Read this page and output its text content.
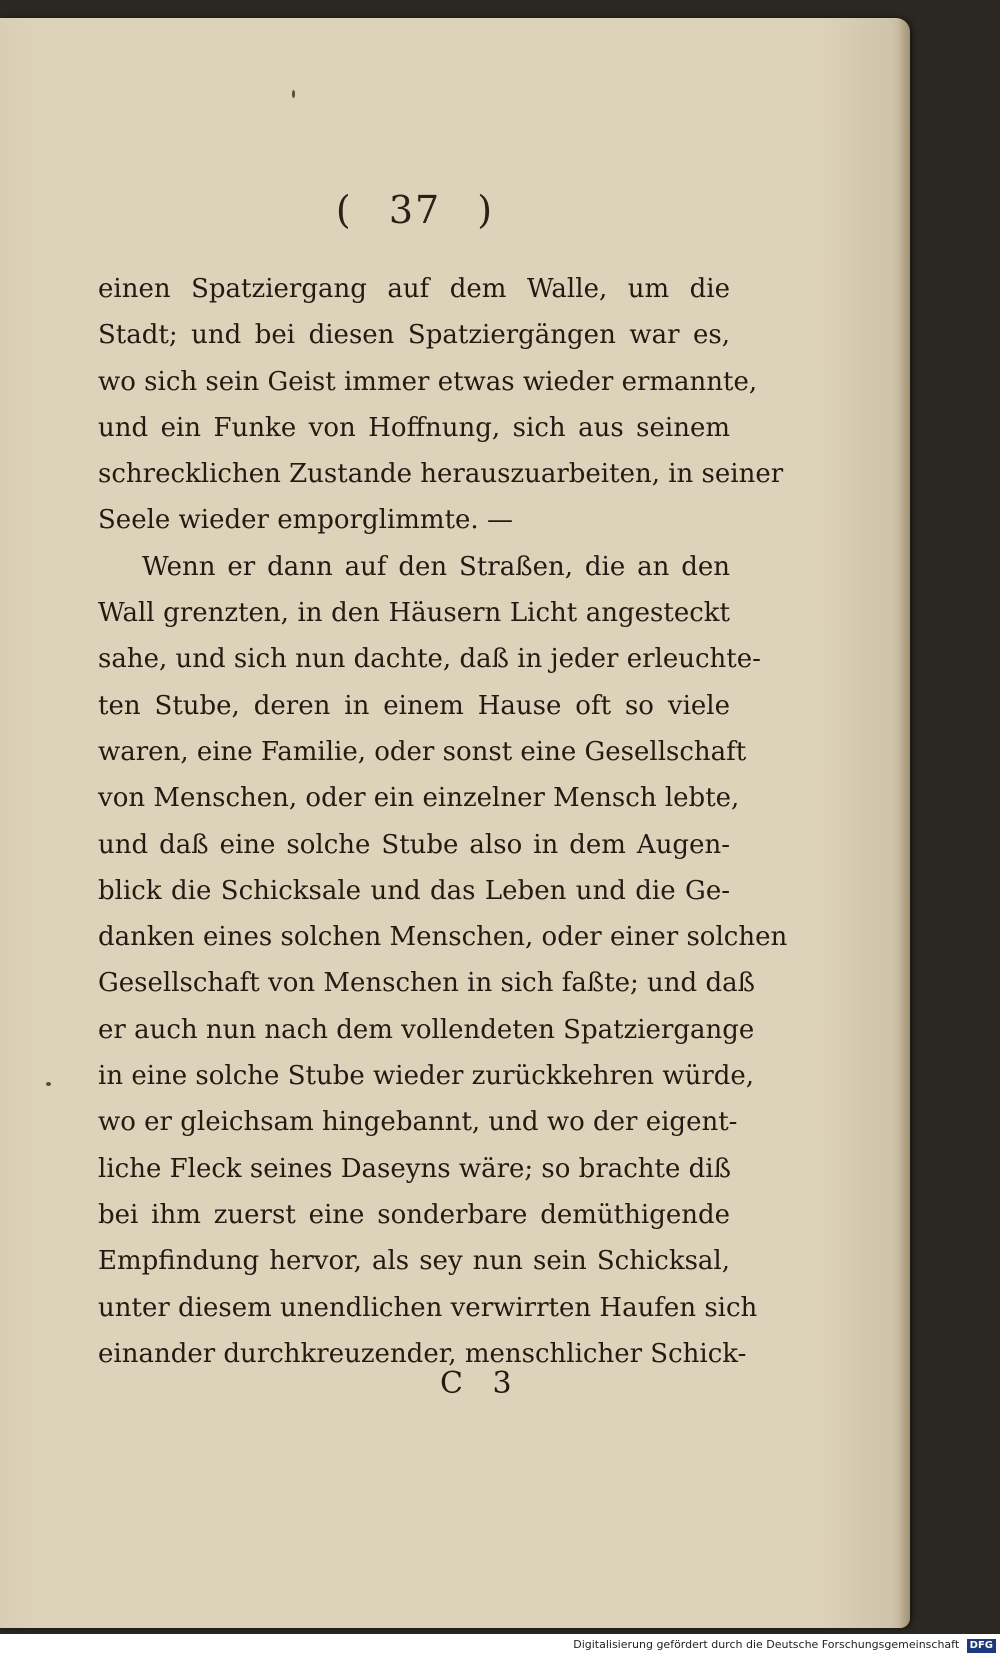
( 37 )
einen Spatziergang auf dem Walle, um die
Stadt; und bei diesen Spatziergängen war es,
wo sich sein Geist immer etwas wieder ermannte,
und ein Funke von Hoffnung, sich aus seinem
schrecklichen Zustande herauszuarbeiten, in seiner
Seele wieder emporglimmte. —
Wenn er dann auf den Straßen, die an den
Wall grenzten, in den Häusern Licht angesteckt
sahe, und sich nun dachte, daß in jeder erleuchte-
ten Stube, deren in einem Hause oft so viele
waren, eine Familie, oder sonst eine Gesellschaft
von Menschen, oder ein einzelner Mensch lebte,
und daß eine solche Stube also in dem Augen-
blick die Schicksale und das Leben und die Ge-
danken eines solchen Menschen, oder einer solchen
Gesellschaft von Menschen in sich faßte; und daß
er auch nun nach dem vollendeten Spatziergange
in eine solche Stube wieder zurückkehren würde,
wo er gleichsam hingebannt, und wo der eigent-
liche Fleck seines Daseyns wäre; so brachte diß
bei ihm zuerst eine sonderbare demüthigende
Empfindung hervor, als sey nun sein Schicksal,
unter diesem unendlichen verwirrten Haufen sich
einander durchkreuzender, menschlicher Schick-
C 3
Digitalisierung gefördert durch die Deutsche Forschungsgemeinschaft DFG
